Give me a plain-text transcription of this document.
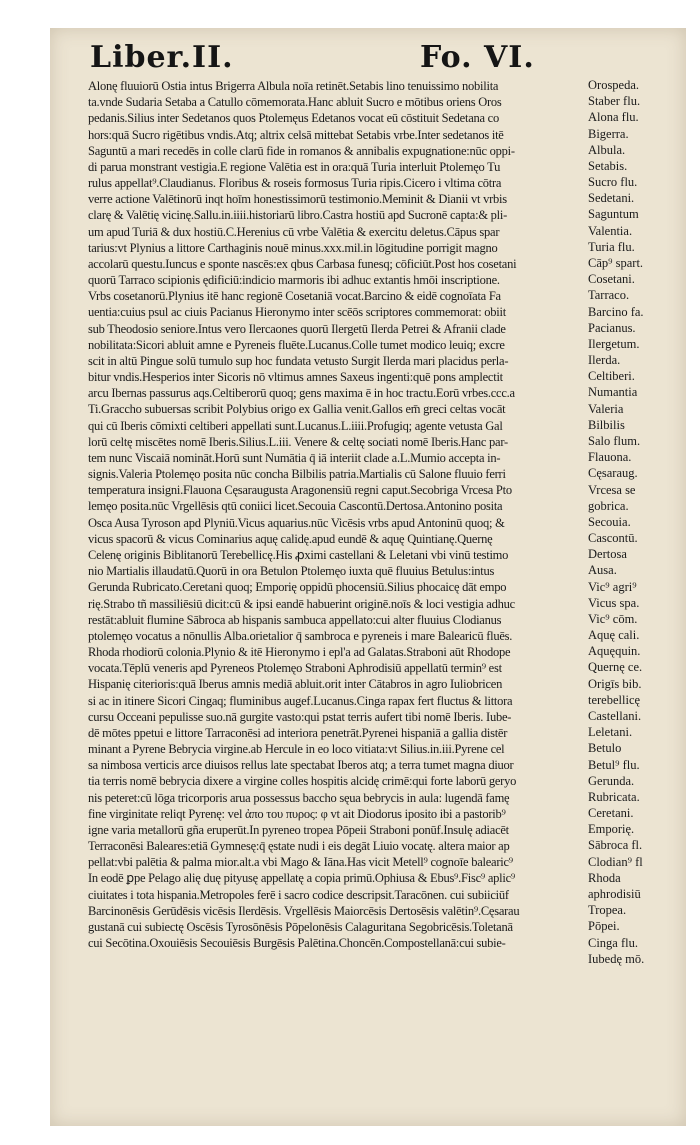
Liber.II.	Fo. VI.
Alonę fluuiorū Ostia intus Brigerra Albula noīa retinēt.Setabis lino tenuissimo nobilita
ta.vnde Sudaria Setaba a Catullo cōmemorata.Hanc abluit Sucro e mōtibus oriens Oros
pedanis.Silius inter Sedetanos quos Ptolemęus Edetanos vocat eū cōstituit Sedetana co
hors:quā Sucro rigētibus vndis.Atq; altrix celsā mittebat Setabis vrbe.Inter sedetanos itē
Saguntū a mari recedēs in colle clarū fide in romanos & annibalis expugnatione:nūc oppi-
di parua monstrant vestigia.E regione Valētia est in ora:quā Turia interluit Ptolemęo Tu
rulus appellat⁹.Claudianus. Floribus & roseis formosus Turia ripis.Cicero i vltima cōtra
verre actione Valētinorū inqt hoīm honestissimorū testimonio.Meminit & Dianii vt vrbis
clarę & Valētię vicinę.Sallu.in.iiii.historiarū libro.Castra hostiū apd Sucronē capta:& pli-
um apud Turiā & dux hostiū.C.Herenius cū vrbe Valētia & exercitu deletus.Cāpus spar
tarius:vt Plynius a littore Carthaginis nouē minus.xxx.mil.in lōgitudine porrigit magno
accolarū questu.Iuncus e sponte nascēs:ex qbus Carbasa funesq; cōficiūt.Post hos cosetani
quorū Tarraco scipionis ędificiū:indicio marmoris ibi adhuc extantis hmōi inscriptione.
Vrbs cosetanorū.Plynius itē hanc regionē Cosetaniā vocat.Barcino & eidē cognoīata Fa
uentia:cuius psul ac ciuis Pacianus Hieronymo inter scēōs scriptores commemorat: obiit
sub Theodosio seniore.Intus vero Ilercaones quorū Ilergetū Ilerda Petrei & Afranii clade
nobilitata:Sicori abluit amne e Pyreneis fluēte.Lucanus.Colle tumet modico leuiq; excre
scit in altū Pingue solū tumulo sup hoc fundata vetusto Surgit Ilerda mari placidus perla-
bitur vndis.Hesperios inter Sicoris nō vltimus amnes Saxeus ingenti:quē pons amplectit
arcu Ibernas passurus aqs.Celtiberorū quoq; gens maxima ē in hoc tractu.Eorū vrbes.ccc.a
Ti.Graccho subuersas scribit Polybius origo ex Gallia venit.Gallos em̄ greci celtas vocāt
qui cū Iberis cōmixti celtiberi appellati sunt.Lucanus.L.iiii.Profugiq; agente vetusta Gal
lorū celtę miscētes nomē Iberis.Silius.L.iii. Venere & celtę sociati nomē Iberis.Hanc par-
tem nunc Viscaiā nomināt.Horū sunt Numātia q̄ iā interiit clade a.L.Mumio accepta in-
signis.Valeria Ptolemęo posita nūc concha Bilbilis patria.Martialis cū Salone fluuio ferri
temperatura insigni.Flauona Cęsaraugusta Aragonensiū regni caput.Secobriga Vrcesa Pto
lemęo posita.nūc Vrgellēsis qtū coniici licet.Secouia Cascontū.Dertosa.Antonino posita
Osca Ausa Tyroson apd Plyniū.Vicus aquarius.nūc Vicēsis vrbs apud Antoninū quoq; &
vicus spacorū & vicus Cominarius aquę calidę.apud eundē & aquę Quintianę.Quernę
Celenę originis Biblitanorū Terebellicę.His ꝓximi castellani & Leletani vbi vinū testimo
nio Martialis illaudatū.Quorū in ora Betulon Ptolemęo iuxta quē fluuius Betulus:intus
Gerunda Rubricato.Ceretani quoq; Emporię oppidū phocensiū.Silius phocaicę dāt empo
rię.Strabo tñ massiliēsiū dicit:cū & ipsi eandē habuerint originē.noīs & loci vestigia adhuc
restāt:abluit flumine Sābroca ab hispanis sambuca appellato:cui alter fluuius Clodianus
ptolemęo vocatus a nōnullis Alba.orietalior q̄ sambroca e pyreneis i mare Balearicū fluēs.
Rhoda rhodiorū colonia.Plynio & itē Hieronymo i epl'a ad Galatas.Straboni aūt Rhodope
vocata.Tēplū veneris apd Pyreneos Ptolemęo Straboni Aphrodisiū appellatū termin⁹ est
Hispanię citerioris:quā Iberus amnis mediā abluit.orit inter Cātabros in agro Iuliobricen
si ac in itinere Sicori Cingaq; fluminibus augef.Lucanus.Cinga rapax fert fluctus & littora
cursu Occeani pepulisse suo.nā gurgite vasto:qui pstat terris aufert tibi nomē Iberis. Iube-
dē mōtes ppetui e littore Tarraconēsi ad interiora penetrāt.Pyrenei hispaniā a gallia distēr
minant a Pyrene Bebrycia virgine.ab Hercule in eo loco vitiata:vt Silius.in.iii.Pyrene cel
sa nimbosa verticis arce diuisos rellus late spectabat Iberos atq; a terra tumet magna diuor
tia terris nomē bebrycia dixere a virgine colles hospitis alcidę crimē:qui forte laborū geryo
nis peteret:cū lōga tricorporis arua possessus baccho sęua bebrycis in aula: lugendā famę
fine virginitate reliqt Pyrenę: vel ἀπο του πυρος: φ vt ait Diodorus iposito ibi a pastorib⁹
igne varia metallorū gña eruperūt.In pyreneo tropea Pōpeii Straboni ponūf.Insulę adiacēt
Terraconēsi Baleares:etiā Gymnesę:q̄ ęstate nudi i eis degāt Liuio vocatę. altera maior ap
pellat:vbi palētia & palma mior.alt.a vbi Mago & Iāna.Has vicit Metell⁹ cognoīe balearic⁹
In eodē ꝑpe Pelago alię duę pityusę appellatę a copia primū.Ophiusa & Ebus⁹.Fisc⁹ aplic⁹
ciuitates i tota hispania.Metropoles ferē i sacro codice descripsit.Taracōnen. cui subiiciūf
Barcinonēsis Gerūdēsis vicēsis Ilerdēsis. Vrgellēsis Maiorcēsis Dertosēsis valētin⁹.Cęsarau
gustanā cui subiectę Oscēsis Tyrosōnēsis Pōpelonēsis Calaguritana Segobricēsis.Toletanā
cui Secōtina.Oxouiēsis Secouiēsis Burgēsis Palētina.Choncēn.Compostellanā:cui subie-
Orospeda.
Staber flu.
Alona flu.
Bigerra.
Albula.
Setabis.
Sucro flu.
Sedetani.
Saguntum
Valentia.
Turia flu.
Cāp⁹ spart.
Cosetani.
Tarraco.
Barcino fa.
Pacianus.
Ilergetum.
Ilerda.
Celtiberi.
Numantia
Valeria
Bilbilis
Salo flum.
Flauona.
Cęsaraug.
Vrcesa se
gobrica.
Secouia.
Cascontū.
Dertosa
Ausa.
Vic⁹ agri⁹
Vicus spa.
Vic⁹ cōm.
Aquę cali.
Aquęquin.
Quernę ce.
Origīs bib.
terebellicę
Castellani.
Leletani.
Betulo
Betul⁹ flu.
Gerunda.
Rubricata.
Ceretani.
Emporię.
Sābroca fl.
Clodian⁹ fl
Rhoda
aphrodisiū
Tropea.
Pōpei.
Cinga flu.
Iubedę mō.
